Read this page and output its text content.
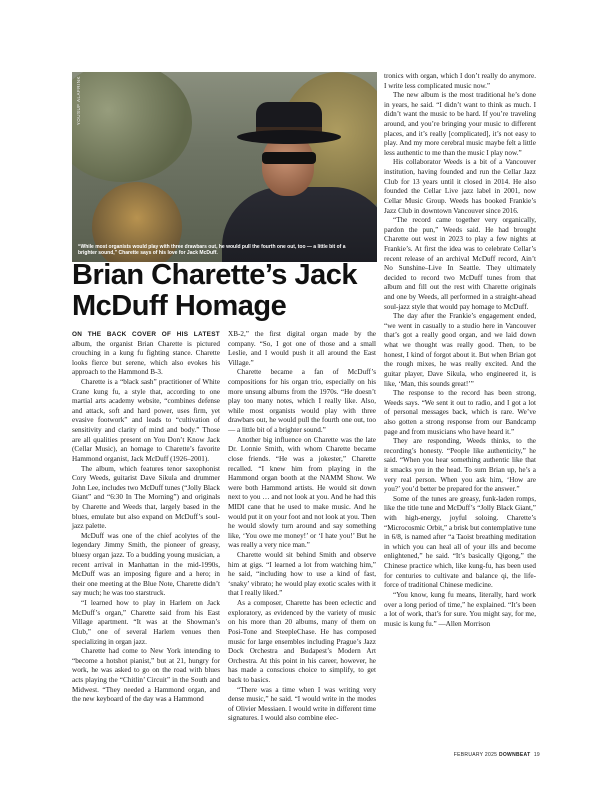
YOUSUF ALAFRINK
“While most organists would play with three drawbars out, he would pull the fourth one out, too — a little bit of a brighter sound,” Charette says of his love for Jack McDuff.
Brian Charette’s Jack McDuff Homage

ON THE BACK COVER OF HIS LATEST album, the organist Brian Charette is pictured crouching in a kung fu fighting stance. Charette looks fierce but serene, which also evokes his approach to the Hammond B-3.

Charette is a “black sash” practitioner of White Crane kung fu, a style that, according to one martial arts academy website, “combines defense and attack, soft and hard power, uses firm, yet evasive footwork” and leads to “cultivation of sensitivity and clarity of mind and body.” Those are all qualities present on You Don’t Know Jack (Cellar Music), an homage to Charette’s favorite Hammond organist, Jack McDuff (1926–2001).

The album, which features tenor saxophonist Cory Weeds, guitarist Dave Sikula and drummer John Lee, includes two McDuff tunes (“Jolly Black Giant” and “6:30 In The Morning”) and originals by Charette and Weeds that, largely based in the blues, emulate but also expand on McDuff’s soul-jazz palette.

McDuff was one of the chief acolytes of the legendary Jimmy Smith, the pioneer of greasy, bluesy organ jazz. To a budding young musician, a recent arrival in Manhattan in the mid-1990s, McDuff was an imposing figure and a hero; in their one meeting at the Blue Note, Charette didn’t say much; he was too starstruck.

“I learned how to play in Harlem on Jack McDuff’s organ,” Charette said from his East Village apartment. “It was at the Showman’s Club,” one of several Harlem venues then specializing in organ jazz.

Charette had come to New York intending to “become a hotshot pianist,” but at 21, hungry for work, he was asked to go on the road with blues acts playing the “Chitlin’ Circuit” in the South and Midwest. “They needed a Hammond organ, and the new keyboard of the day was a Hammond

XB-2,” the first digital organ made by the company. “So, I got one of those and a small Leslie, and I would push it all around the East Village.”

Charette became a fan of McDuff’s compositions for his organ trio, especially on his more unsung albums from the 1970s. “He doesn’t play too many notes, which I really like. Also, while most organists would play with three drawbars out, he would pull the fourth one out, too — a little bit of a brighter sound.”

Another big influence on Charette was the late Dr. Lonnie Smith, with whom Charette became close friends. “He was a jokester,” Charette recalled. “I knew him from playing in the Hammond organ booth at the NAMM Show. We were both Hammond artists. He would sit down next to you … and not look at you. And he had this MIDI cane that he used to make music. And he would put it on your foot and not look at you. Then he would slowly turn around and say something like, ‘You owe me money!’ or ‘I hate you!’ But he was really a very nice man.”

Charette would sit behind Smith and observe him at gigs. “I learned a lot from watching him,” he said, “including how to use a kind of fast, ‘snaky’ vibrato; he would play exotic scales with it that I really liked.”

As a composer, Charette has been eclectic and exploratory, as evidenced by the variety of music on his more than 20 albums, many of them on Posi-Tone and SteepleChase. He has composed music for large ensembles including Prague’s Jazz Dock Orchestra and Budapest’s Modern Art Orchestra. At this point in his career, however, he has made a conscious choice to simplify, to get back to basics.

“There was a time when I was writing very dense music,” he said. “I would write in the modes of Olivier Messiaen. I would write in different time signatures. I would also combine elec-

tronics with organ, which I don’t really do anymore. I write less complicated music now.”

The new album is the most traditional he’s done in years, he said. “I didn’t want to think as much. I didn’t want the music to be hard. If you’re traveling around, and you’re bringing your music to different places, and it’s really [complicated], it’s not easy to play. And my more cerebral music maybe felt a little less authentic to me than the music I play now.”

His collaborator Weeds is a bit of a Vancouver institution, having founded and run the Cellar Jazz Club for 13 years until it closed in 2014. He also founded the Cellar Live jazz label in 2001, now Cellar Music Group. Weeds has booked Frankie’s Jazz Club in downtown Vancouver since 2016.

“The record came together very organically, pardon the pun,” Weeds said. He had brought Charette out west in 2023 to play a few nights at Frankie’s. At first the idea was to celebrate Cellar’s recent release of an archival McDuff record, Ain’t No Sunshine–Live In Seattle. They ultimately decided to record two McDuff tunes from that album and fill out the rest with Charette originals and one by Weeds, all performed in a straight-ahead soul-jazz style that would pay homage to McDuff.

The day after the Frankie’s engagement ended, “we went in casually to a studio here in Vancouver that’s got a really good organ, and we laid down what we thought was really good. Then, to be honest, I kind of forgot about it. But when Brian got the rough mixes, he was really excited. And the guitar player, Dave Sikula, who engineered it, is like, ‘Man, this sounds great!’”

The response to the record has been strong, Weeds says. “We sent it out to radio, and I got a lot of personal messages back, which is rare. We’ve also gotten a strong response from our Bandcamp page and from musicians who have heard it.”

They are responding, Weeds thinks, to the recording’s honesty. “People like authenticity,” he said. “When you hear something authentic like that it smacks you in the head. To sum Brian up, he’s a very real person. When you ask him, ‘How are you?’ you’d better be prepared for the answer.”

Some of the tunes are greasy, funk-laden romps, like the title tune and McDuff’s “Jolly Black Giant,” with high-energy, joyful soloing. Charette’s “Microcosmic Orbit,” a brisk but contemplative tune in 6/8, is named after “a Taoist breathing meditation in which you can heal all of your ills and become enlightened,” he said. “It’s basically Qigong,” the Chinese practice which, like kung-fu, has been used for centuries to cultivate and balance qi, the life-force of traditional Chinese medicine.

“You know, kung fu means, literally, hard work over a long period of time,” he explained. “It’s been a lot of work, that’s for sure. You might say, for me, music is kung fu.” —Allen Morrison

FEBRUARY 2025 DOWNBEAT 19
